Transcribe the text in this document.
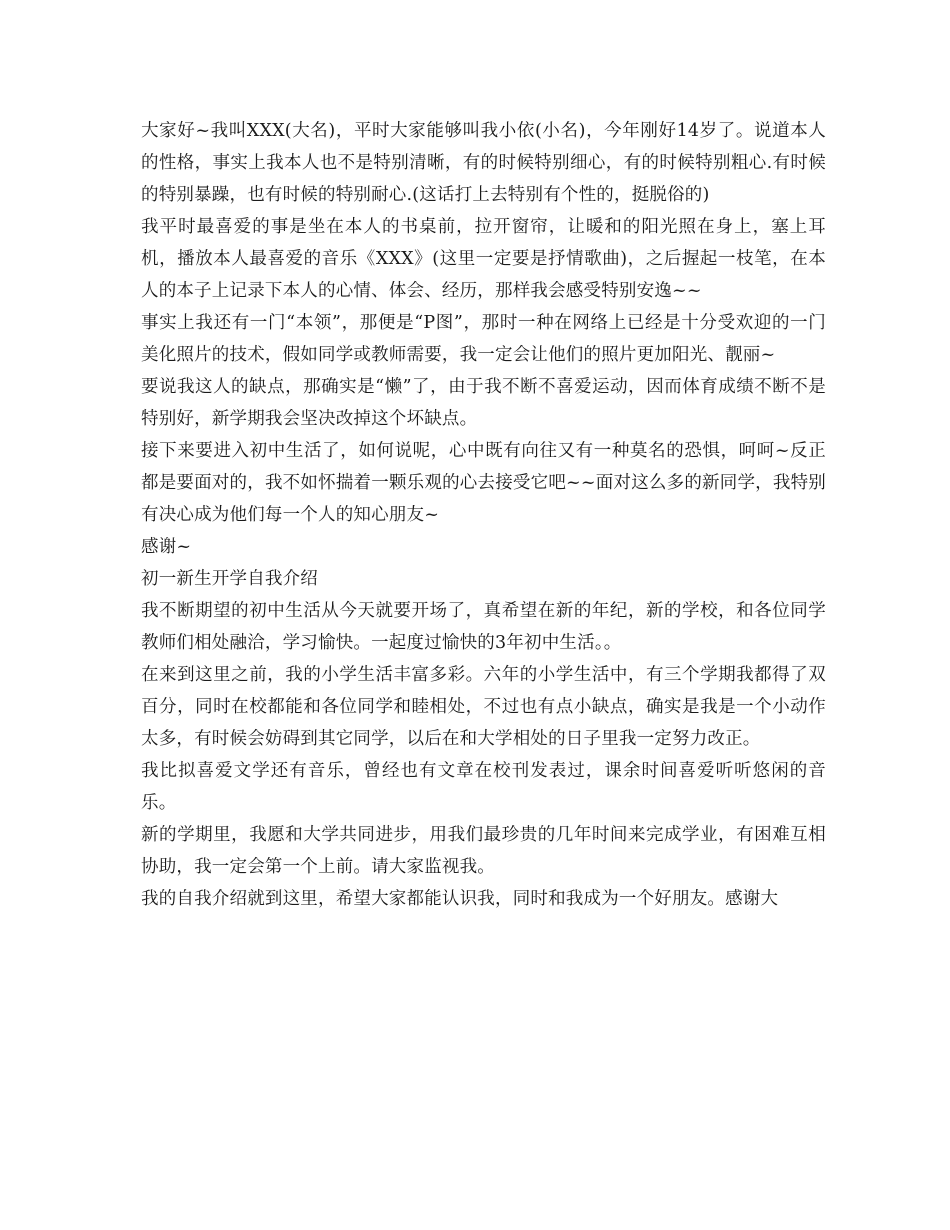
大家好~我叫XXX(大名)，平时大家能够叫我小依(小名)，今年刚好14岁了。说道本人的性格，事实上我本人也不是特别清晰，有的时候特别细心，有的时候特别粗心.有时候的特别暴躁，也有时候的特别耐心.(这话打上去特别有个性的，挺脱俗的)

我平时最喜爱的事是坐在本人的书桌前，拉开窗帘，让暖和的阳光照在身上，塞上耳机，播放本人最喜爱的音乐《XXX》(这里一定要是抒情歌曲)，之后握起一枝笔，在本人的本子上记录下本人的心情、体会、经历，那样我会感受特别安逸~~

事实上我还有一门“本领”，那便是“P图”，那时一种在网络上已经是十分受欢迎的一门美化照片的技术，假如同学或教师需要，我一定会让他们的照片更加阳光、靓丽~

要说我这人的缺点，那确实是“懒”了，由于我不断不喜爱运动，因而体育成绩不断不是特别好，新学期我会坚决改掉这个坏缺点。

接下来要进入初中生活了，如何说呢，心中既有向往又有一种莫名的恐惧，呵呵~反正都是要面对的，我不如怀揣着一颗乐观的心去接受它吧~~面对这么多的新同学，我特别有决心成为他们每一个人的知心朋友~

感谢~

初一新生开学自我介绍

我不断期望的初中生活从今天就要开场了，真希望在新的年纪，新的学校，和各位同学教师们相处融洽，学习愉快。一起度过愉快的3年初中生活。。

在来到这里之前，我的小学生活丰富多彩。六年的小学生活中，有三个学期我都得了双百分，同时在校都能和各位同学和睦相处，不过也有点小缺点，确实是我是一个小动作太多，有时候会妨碍到其它同学，以后在和大学相处的日子里我一定努力改正。

我比拟喜爱文学还有音乐，曾经也有文章在校刊发表过，课余时间喜爱听听悠闲的音乐。

新的学期里，我愿和大学共同进步，用我们最珍贵的几年时间来完成学业，有困难互相协助，我一定会第一个上前。请大家监视我。

我的自我介绍就到这里，希望大家都能认识我，同时和我成为一个好朋友。感谢大
